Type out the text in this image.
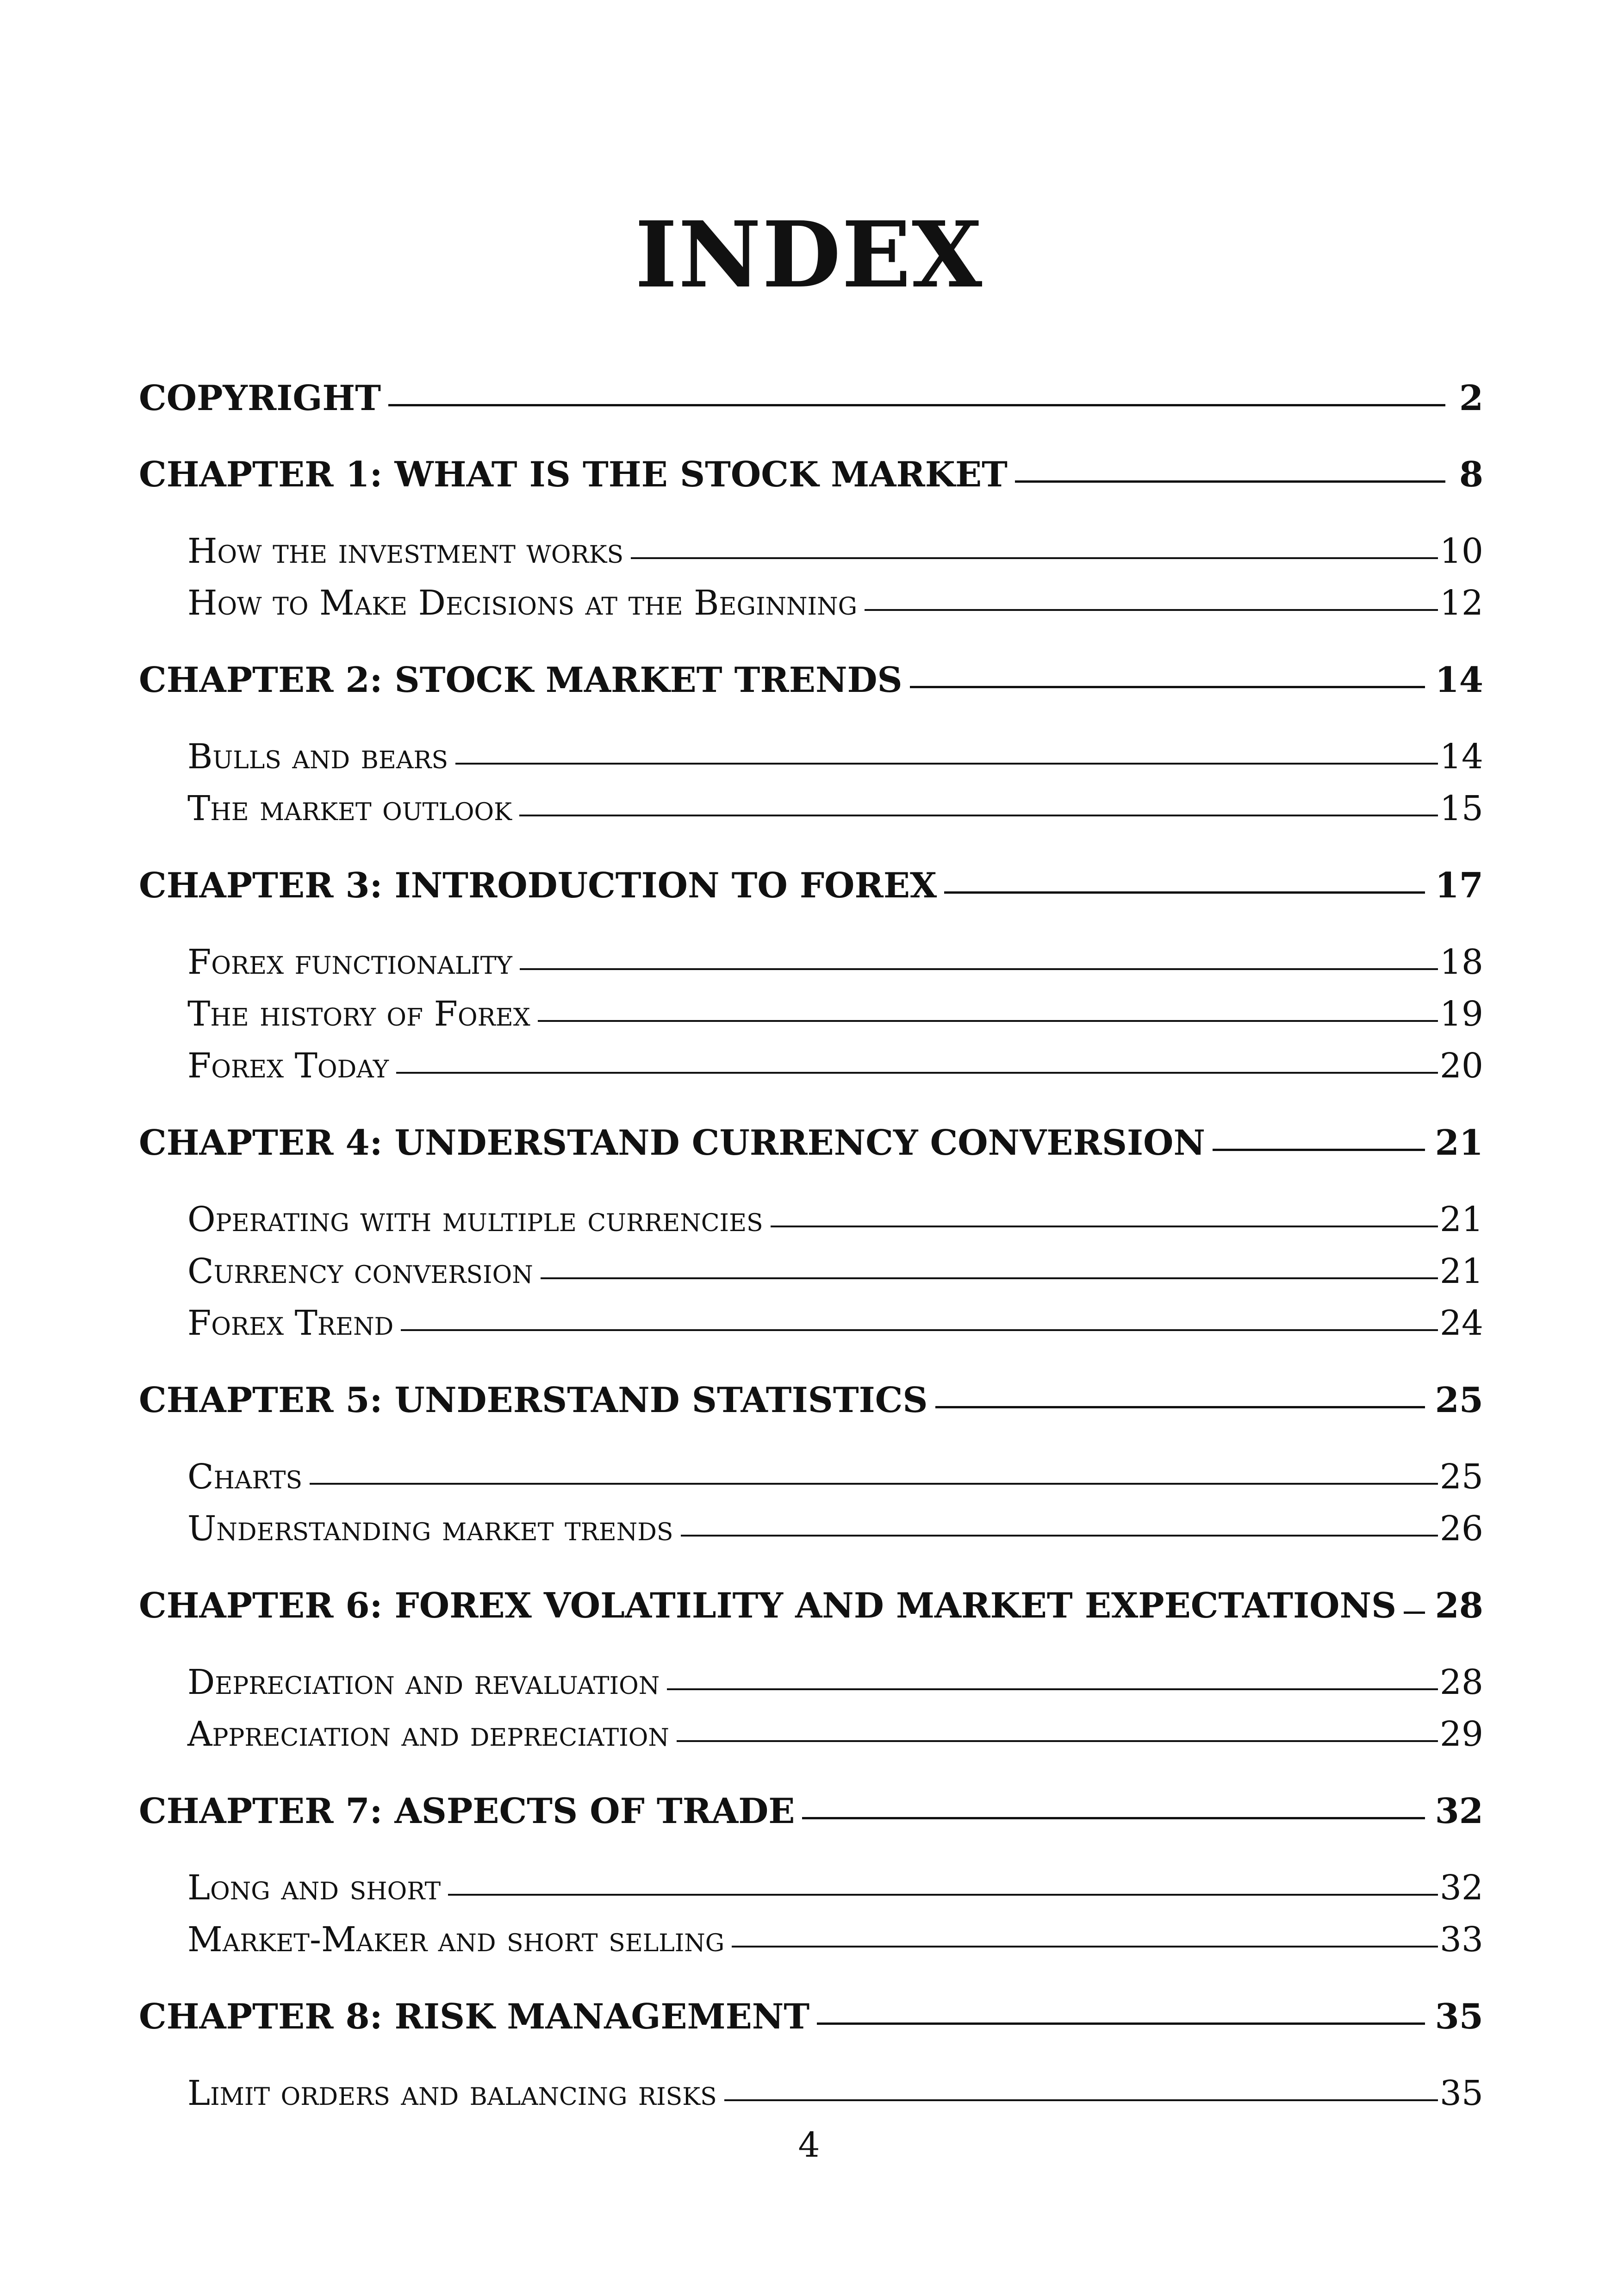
INDEX
COPYRIGHT	2
CHAPTER 1: WHAT IS THE STOCK MARKET	8
How the investment works	10
How to Make Decisions at the Beginning	12
CHAPTER 2: STOCK MARKET TRENDS	14
Bulls and bears	14
The market outlook	15
CHAPTER 3: INTRODUCTION TO FOREX	17
Forex functionality	18
The history of Forex	19
Forex Today	20
CHAPTER 4: UNDERSTAND CURRENCY CONVERSION	21
Operating with multiple currencies	21
Currency conversion	21
Forex Trend	24
CHAPTER 5: UNDERSTAND STATISTICS	25
Charts	25
Understanding market trends	26
CHAPTER 6: FOREX VOLATILITY AND MARKET EXPECTATIONS 28
Depreciation and revaluation	28
Appreciation and depreciation	29
CHAPTER 7: ASPECTS OF TRADE	32
Long and short	32
Market-Maker and short selling	33
CHAPTER 8: RISK MANAGEMENT	35
Limit orders and balancing risks	35
4
